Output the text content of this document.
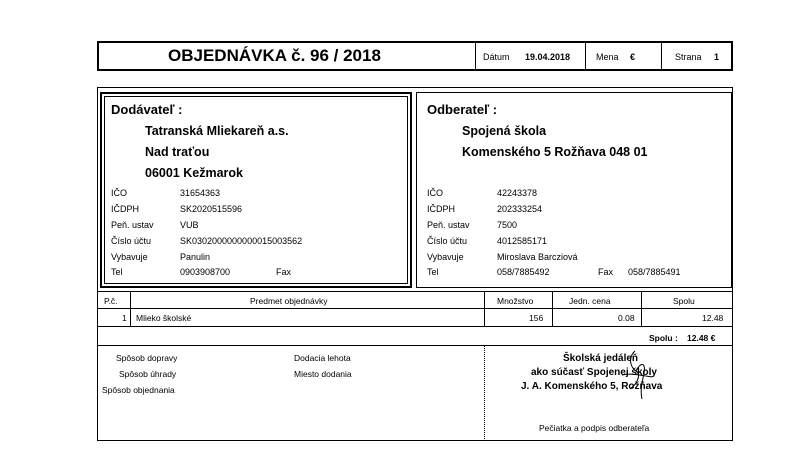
OBJEDNÁVKA č. 96 / 2018	Dátum 19.04.2018	Mena €	Strana 1
Dodávateľ :
Tatranská Mliekareň a.s.
Nad traťou
06001 Kežmarok
IČO	31654363
IČDPH	SK2020515596
Peň. ustav	VUB
Číslo účtu	SK0302000000000015003562
Vybavuje	Panulin
Tel	0903908700	Fax
Odberateľ :
Spojená škola
Komenského 5 Rožňava 048 01
IČO	42243378
IČDPH	202333254
Peň. ustav	7500
Číslo účtu	4012585171
Vybavuje	Miroslava Barcziová
Tel	058/7885492	Fax 058/7885491
P.č.	Predmet objednávky	Množstvo	Jedn. cena	Spolu
1 Mlieko školské	156	0.08	12.48
Spolu : 12.48 €
Spôsob dopravy
Spôsob úhrady
Spôsob objednania
Dodacia lehota
Miesto dodania
Školská jedáleň
ako súčasť Spojenej školy
J. A. Komenského 5, Rožňava
Pečiatka a podpis odberateľa
